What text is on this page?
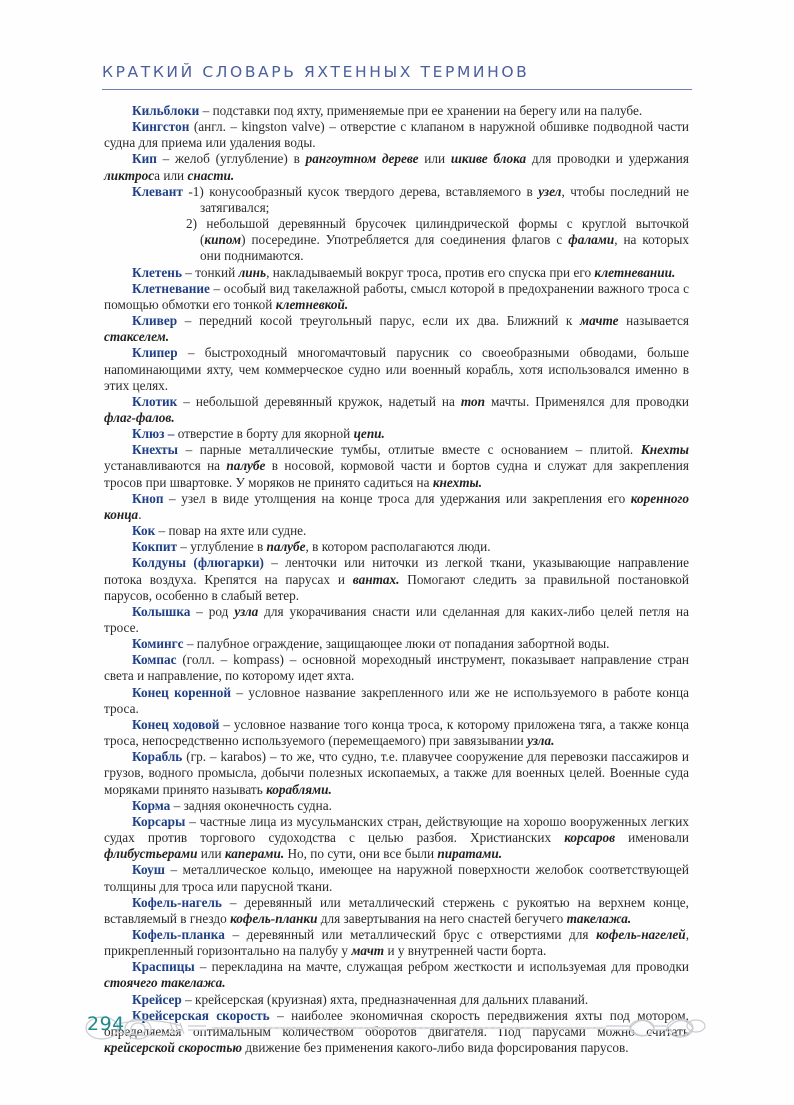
КРАТКИЙ СЛОВАРЬ ЯХТЕННЫХ ТЕРМИНОВ

Кильблоки – подставки под яхту, применяемые при ее хранении на берегу или на палубе.

Кингстон (англ. – kingston valve) – отверстие с клапаном в наружной обшивке подводной части судна для приема или удаления воды.

Кип – желоб (углубление) в рангоутном дереве или шкиве блока для проводки и удержания ликтроса или снасти.

Клевант -1) конусообразный кусок твердого дерева, вставляемого в узел, чтобы последний не затягивался;

2) небольшой деревянный брусочек цилиндрической формы с круглой выточкой (кипом) посередине. Употребляется для соединения флагов с фалами, на которых они поднимаются.

Клетень – тонкий линь, накладываемый вокруг троса, против его спуска при его клетневании.

Клетневание – особый вид такелажной работы, смысл которой в предохранении важного троса с помощью обмотки его тонкой клетневкой.

Кливер – передний косой треугольный парус, если их два. Ближний к мачте называется стакселем.

Клипер – быстроходный многомачтовый парусник со своеобразными обводами, больше напоминающими яхту, чем коммерческое судно или военный корабль, хотя использовался именно в этих целях.

Клотик – небольшой деревянный кружок, надетый на топ мачты. Применялся для проводки флаг-фалов.

Клюз – отверстие в борту для якорной цепи.

Кнехты – парные металлические тумбы, отлитые вместе с основанием – плитой. Кнехты устанавливаются на палубе в носовой, кормовой части и бортов судна и служат для закрепления тросов при швартовке. У моряков не принято садиться на кнехты.

Кноп – узел в виде утолщения на конце троса для удержания или закрепления его коренного конца.

Кок – повар на яхте или судне.

Кокпит – углубление в палубе, в котором располагаются люди.

Колдуны (флюгарки) – ленточки или ниточки из легкой ткани, указывающие направление потока воздуха. Крепятся на парусах и вантах. Помогают следить за правильной постановкой парусов, особенно в слабый ветер.

Колышка – род узла для укорачивания снасти или сделанная для каких-либо целей петля на тросе.

Комингс – палубное ограждение, защищающее люки от попадания забортной воды.

Компас (голл. – kompass) – основной мореходный инструмент, показывает направление стран света и направление, по которому идет яхта.

Конец коренной – условное название закрепленного или же не используемого в работе конца троса.

Конец ходовой – условное название того конца троса, к которому приложена тяга, а также конца троса, непосредственно используемого (перемещаемого) при завязывании узла.

Корабль (гр. – karabos) – то же, что судно, т.е. плавучее сооружение для перевозки пассажиров и грузов, водного промысла, добычи полезных ископаемых, а также для военных целей. Военные суда моряками принято называть кораблями.

Корма – задняя оконечность судна.

Корсары – частные лица из мусульманских стран, действующие на хорошо вооруженных легких судах против торгового судоходства с целью разбоя. Христианских корсаров именовали флибустьерами или каперами. Но, по сути, они все были пиратами.

Коуш – металлическое кольцо, имеющее на наружной поверхности желобок соответствующей толщины для троса или парусной ткани.

Кофель-нагель – деревянный или металлический стержень с рукоятью на верхнем конце, вставляемый в гнездо кофель-планки для завертывания на него снастей бегучего такелажа.

Кофель-планка – деревянный или металлический брус с отверстиями для кофель-нагелей, прикрепленный горизонтально на палубу у мачт и у внутренней части борта.

Краспицы – перекладина на мачте, служащая ребром жесткости и используемая для проводки стоячего такелажа.

Крейсер – крейсерская (круизная) яхта, предназначенная для дальних плаваний.

Крейсерская скорость – наиболее экономичная скорость передвижения яхты под мотором, определяемая оптимальным количеством оборотов двигателя. Под парусами можно считать крейсерской скоростью движение без применения какого-либо вида форсирования парусов.

294
